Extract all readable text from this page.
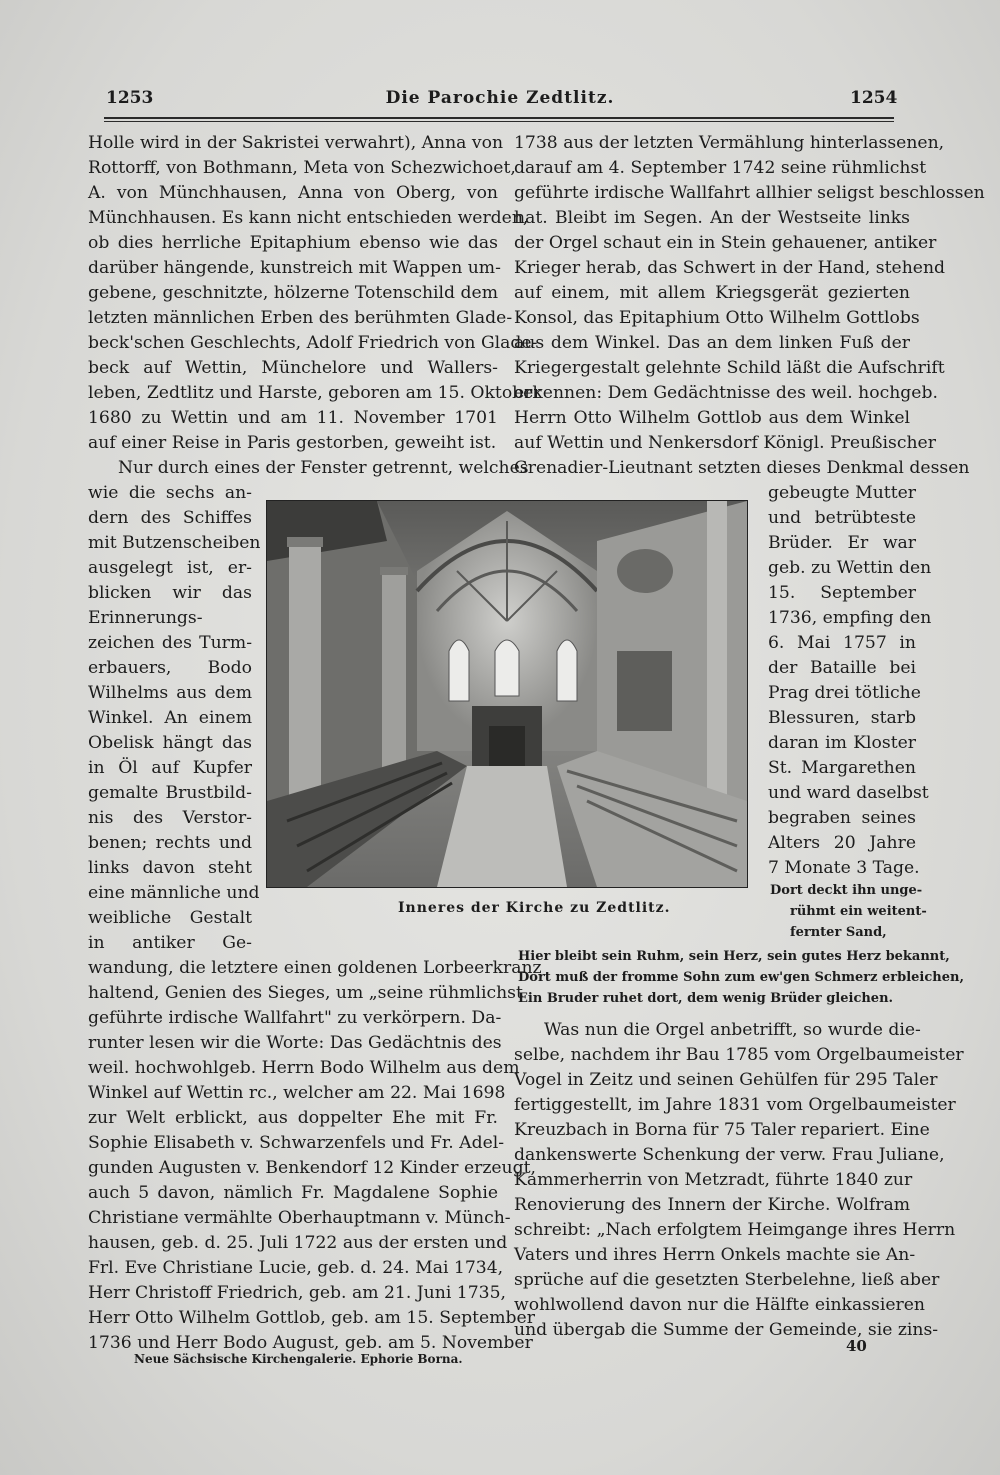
1253	Die Parochie Zedtlitz.	1254
Holle wird in der Sakristei verwahrt), Anna von
Rottorff, von Bothmann, Meta von Schezwichoet,
A. von Münchhausen, Anna von Oberg, von
Münchhausen. Es kann nicht entschieden werden,
ob dies herrliche Epitaphium ebenso wie das
darüber hängende, kunstreich mit Wappen um-
gebene, geschnitzte, hölzerne Totenschild dem
letzten männlichen Erben des berühmten Glade-
beck'schen Geschlechts, Adolf Friedrich von Glade-
beck auf Wettin, Münchelore und Wallers-
leben, Zedtlitz und Harste, geboren am 15. Oktober
1680 zu Wettin und am 11. November 1701
auf einer Reise in Paris gestorben, geweiht ist.
Nur durch eines der Fenster getrennt, welches
wie die sechs an-
dern des Schiffes
mit Butzenscheiben
ausgelegt ist, er-
blicken wir das
Erinnerungs-
zeichen des Turm-
erbauers, Bodo
Wilhelms aus dem
Winkel. An einem
Obelisk hängt das
in Öl auf Kupfer
gemalte Brustbild-
nis des Verstor-
benen; rechts und
links davon steht
eine männliche und
weibliche Gestalt
in antiker Ge-
wandung, die letztere einen goldenen Lorbeerkranz
haltend, Genien des Sieges, um „seine rühmlichst
geführte irdische Wallfahrt" zu verkörpern. Da-
runter lesen wir die Worte: Das Gedächtnis des
weil. hochwohlgeb. Herrn Bodo Wilhelm aus dem
Winkel auf Wettin rc., welcher am 22. Mai 1698
zur Welt erblickt, aus doppelter Ehe mit Fr.
Sophie Elisabeth v. Schwarzenfels und Fr. Adel-
gunden Augusten v. Benkendorf 12 Kinder erzeugt,
auch 5 davon, nämlich Fr. Magdalene Sophie
Christiane vermählte Oberhauptmann v. Münch-
hausen, geb. d. 25. Juli 1722 aus der ersten und
Frl. Eve Christiane Lucie, geb. d. 24. Mai 1734,
Herr Christoff Friedrich, geb. am 21. Juni 1735,
Herr Otto Wilhelm Gottlob, geb. am 15. September
1736 und Herr Bodo August, geb. am 5. November
1738 aus der letzten Vermählung hinterlassenen,
darauf am 4. September 1742 seine rühmlichst
geführte irdische Wallfahrt allhier seligst beschlossen
hat. Bleibt im Segen. An der Westseite links
der Orgel schaut ein in Stein gehauener, antiker
Krieger herab, das Schwert in der Hand, stehend
auf einem, mit allem Kriegsgerät gezierten
Konsol, das Epitaphium Otto Wilhelm Gottlobs
aus dem Winkel. Das an dem linken Fuß der
Kriegergestalt gelehnte Schild läßt die Aufschrift
erkennen: Dem Gedächtnisse des weil. hochgeb.
Herrn Otto Wilhelm Gottlob aus dem Winkel
auf Wettin und Nenkersdorf Königl. Preußischer
Grenadier-Lieutnant setzten dieses Denkmal dessen
gebeugte Mutter
und betrübteste
Brüder. Er war
geb. zu Wettin den
15. September
1736, empfing den
6. Mai 1757 in
der Bataille bei
Prag drei tötliche
Blessuren, starb
daran im Kloster
St. Margarethen
und ward daselbst
begraben seines
Alters 20 Jahre
7 Monate 3 Tage.
Dort deckt ihn unge-
rühmt ein weitent-
fernter Sand,
Hier bleibt sein Ruhm, sein Herz, sein gutes Herz bekannt,
Dort muß der fromme Sohn zum ew'gen Schmerz erbleichen,
Ein Bruder ruhet dort, dem wenig Brüder gleichen.
Was nun die Orgel anbetrifft, so wurde die-
selbe, nachdem ihr Bau 1785 vom Orgelbaumeister
Vogel in Zeitz und seinen Gehülfen für 295 Taler
fertiggestellt, im Jahre 1831 vom Orgelbaumeister
Kreuzbach in Borna für 75 Taler repariert. Eine
dankenswerte Schenkung der verw. Frau Juliane,
Kammerherrin von Metzradt, führte 1840 zur
Renovierung des Innern der Kirche. Wolfram
schreibt: „Nach erfolgtem Heimgange ihres Herrn
Vaters und ihres Herrn Onkels machte sie An-
sprüche auf die gesetzten Sterbelehne, ließ aber
wohlwollend davon nur die Hälfte einkassieren
und übergab die Summe der Gemeinde, sie zins-
Inneres der Kirche zu Zedtlitz.
Neue Sächsische Kirchengalerie. Ephorie Borna.
40
